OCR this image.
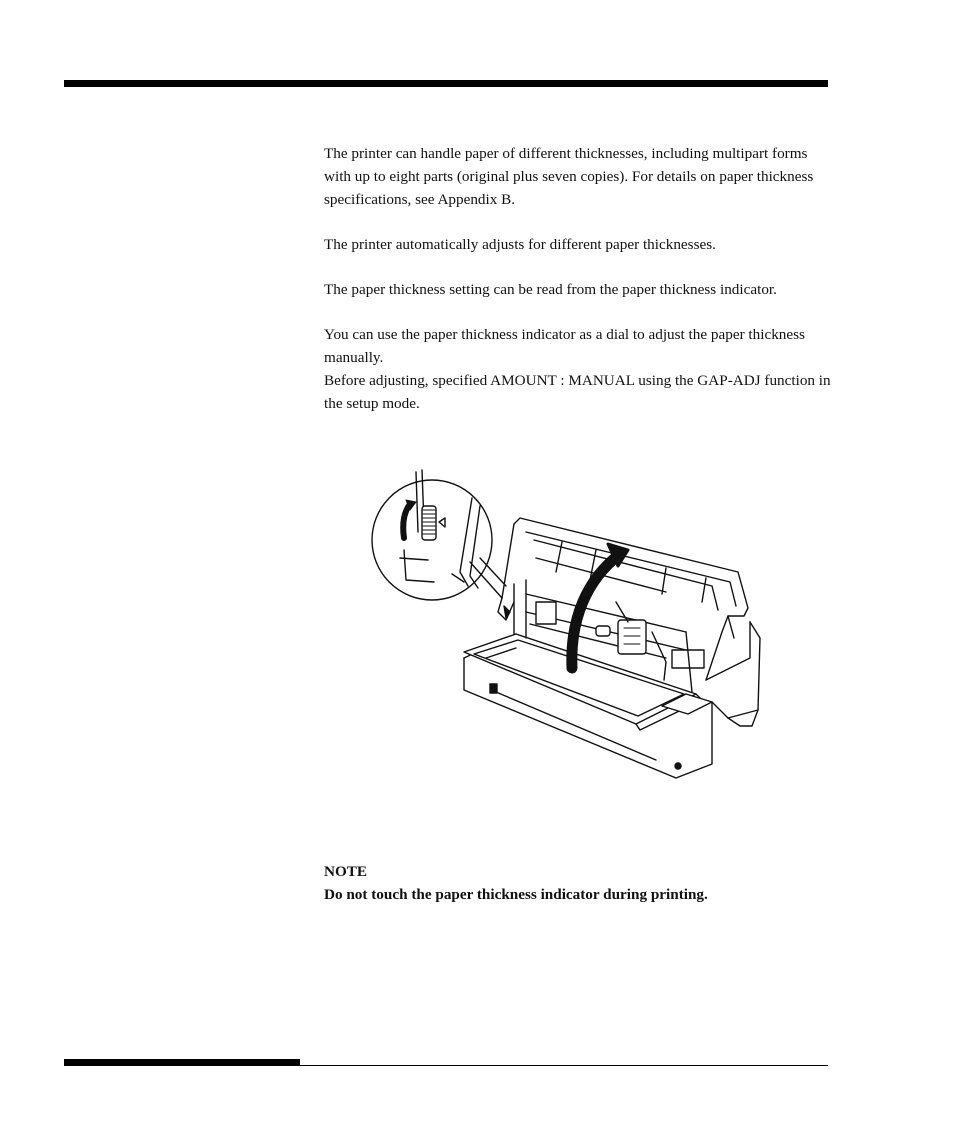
The printer can handle paper of different thicknesses, including multipart forms with up to eight parts (original plus seven copies). For details on paper thickness specifications, see Appendix B.

The printer automatically adjusts for different paper thicknesses.

The paper thickness setting can be read from the paper thickness indicator.

You can use the paper thickness indicator as a dial to adjust the paper thickness manually.

Before adjusting, specified AMOUNT : MANUAL using the GAP-ADJ function in the setup mode.

NOTE
Do not touch the paper thickness indicator during printing.
